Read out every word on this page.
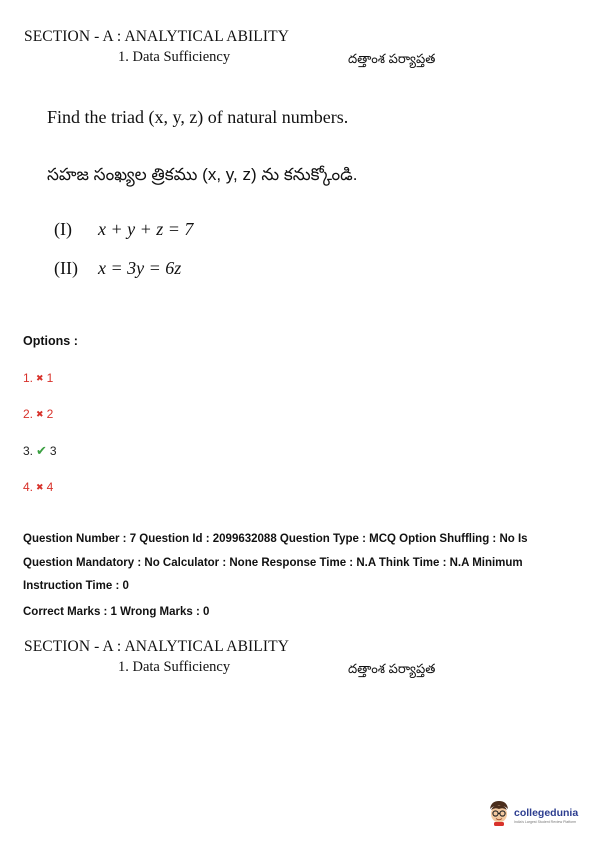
SECTION - A : ANALYTICAL ABILITY
1. Data Sufficiency	దత్తాంశ పర్యాప్తత
Find the triad (x, y, z) of natural numbers.
సహజ సంఖ్యల త్రికము (x, y, z) ను కనుక్కోండి.
(I) x + y + z = 7
(II) x = 3y = 6z
Options :
1. ✖ 1
2. ✖ 2
3. ✔ 3
4. ✖ 4
Question Number : 7 Question Id : 2099632088 Question Type : MCQ Option Shuffling : No Is
Question Mandatory : No Calculator : None Response Time : N.A Think Time : N.A Minimum
Instruction Time : 0
Correct Marks : 1 Wrong Marks : 0
SECTION - A : ANALYTICAL ABILITY
1. Data Sufficiency	దత్తాంశ పర్యాప్తత
collegedunia
India's Largest Student Review Platform
